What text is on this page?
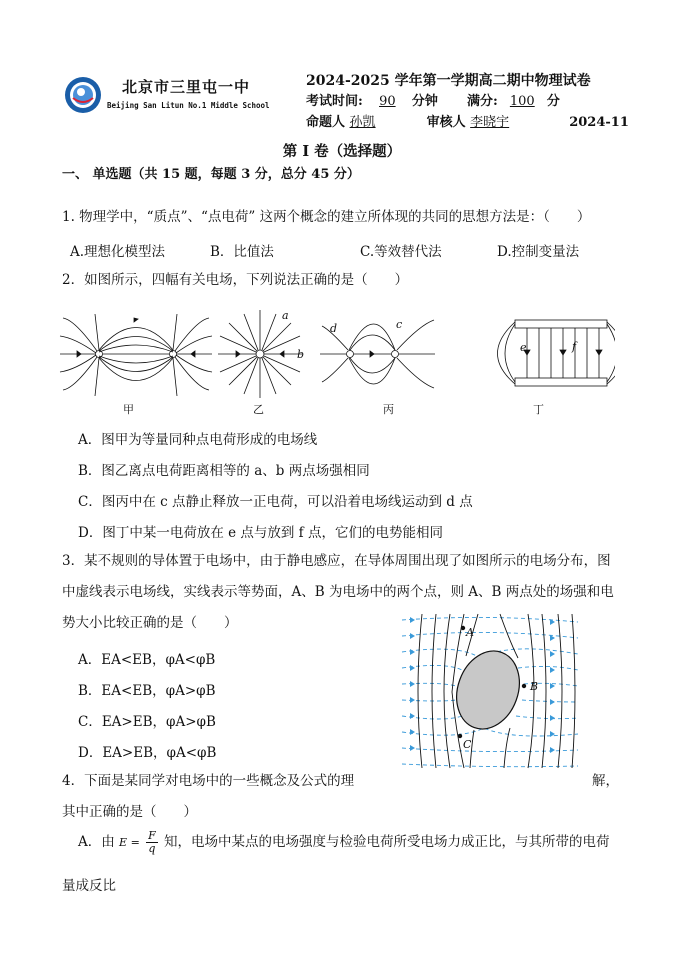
北京市三里屯一中
Beijing San Litun No.1 Middle School
2024-2025 学年第一学期高二期中物理试卷
考试时间: 90 分钟 满分: 100 分
命题人 孙凯	审核人 李晓宇	2024-11
第 I 卷（选择题）
一、 单选题（共 15 题，每题 3 分，总分 45 分）
1. 物理学中，“质点”、“点电荷” 这两个概念的建立所体现的共同的思想方法是：（　　）
A.理想化模型法	B．比值法	C.等效替代法	D.控制变量法
2．如图所示，四幅有关电场，下列说法正确的是（　　）
甲	乙	丙	丁
a
b
c
d
e	f
A．图甲为等量同种点电荷形成的电场线
B．图乙离点电荷距离相等的 a、b 两点场强相同
C．图丙中在 c 点静止释放一正电荷，可以沿着电场线运动到 d 点
D．图丁中某一电荷放在 e 点与放到 f 点，它们的电势能相同
3．某不规则的导体置于电场中，由于静电感应，在导体周围出现了如图所示的电场分布，图
中虚线表示电场线，实线表示等势面，A、B 为电场中的两个点，则 A、B 两点处的场强和电
势大小比较正确的是（　　）
A
B
C
A．EA<EB，φA<φB
B．EA<EB，φA>φB
C．EA>EB，φA>φB
D．EA>EB，φA<φB
4．下面是某同学对电场中的一些概念及公式的理	解，
其中正确的是（　　）
A．由 $E = \frac{F}{q}$ 知，电场中某点的电场强度与检验电荷所受电场力成正比，与其所带的电荷
量成反比
